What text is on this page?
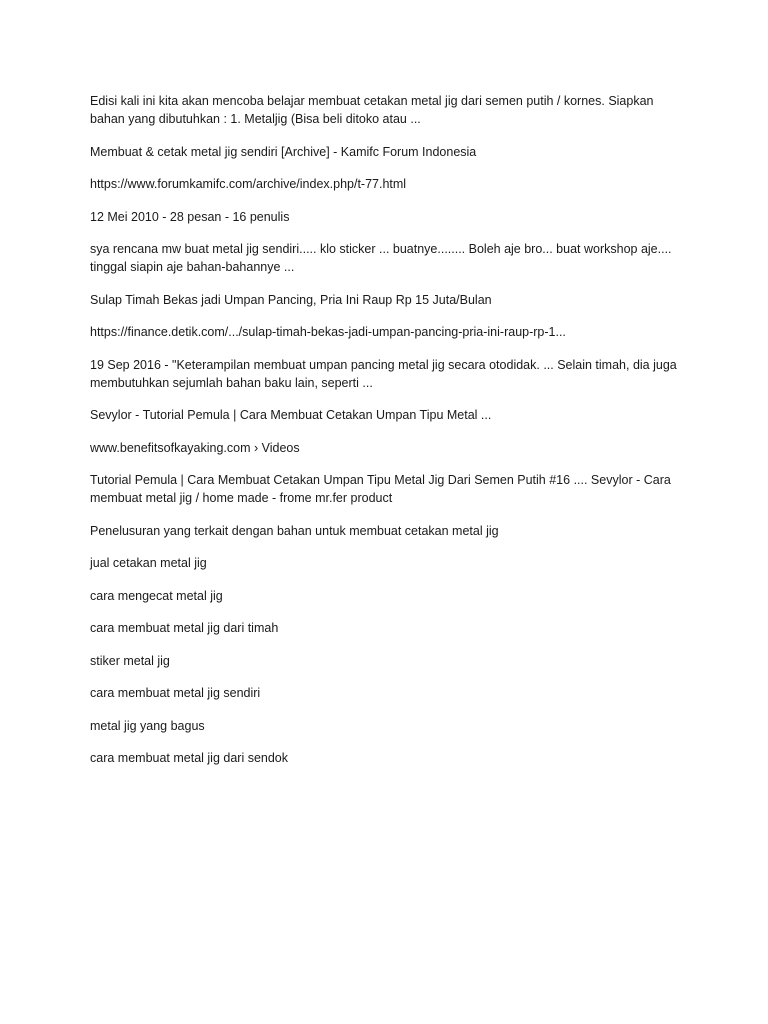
Edisi kali ini kita akan mencoba belajar membuat cetakan metal jig dari semen putih / kornes. Siapkan bahan yang dibutuhkan : 1. Metaljig (Bisa beli ditoko atau ...

Membuat & cetak metal jig sendiri [Archive] - Kamifc Forum Indonesia

https://www.forumkamifc.com/archive/index.php/t-77.html

12 Mei 2010 - 28 pesan - 16 penulis

sya rencana mw buat metal jig sendiri..... klo sticker ... buatnye........ Boleh aje bro... buat workshop aje.... tinggal siapin aje bahan-bahannye ...

Sulap Timah Bekas jadi Umpan Pancing, Pria Ini Raup Rp 15 Juta/Bulan

https://finance.detik.com/.../sulap-timah-bekas-jadi-umpan-pancing-pria-ini-raup-rp-1...

19 Sep 2016 - "Keterampilan membuat umpan pancing metal jig secara otodidak. ... Selain timah, dia juga membutuhkan sejumlah bahan baku lain, seperti ...

Sevylor - Tutorial Pemula | Cara Membuat Cetakan Umpan Tipu Metal ...

www.benefitsofkayaking.com › Videos

Tutorial Pemula | Cara Membuat Cetakan Umpan Tipu Metal Jig Dari Semen Putih #16 .... Sevylor - Cara membuat metal jig / home made - frome mr.fer product

Penelusuran yang terkait dengan bahan untuk membuat cetakan metal jig

jual cetakan metal jig

cara mengecat metal jig

cara membuat metal jig dari timah

stiker metal jig

cara membuat metal jig sendiri

metal jig yang bagus

cara membuat metal jig dari sendok
